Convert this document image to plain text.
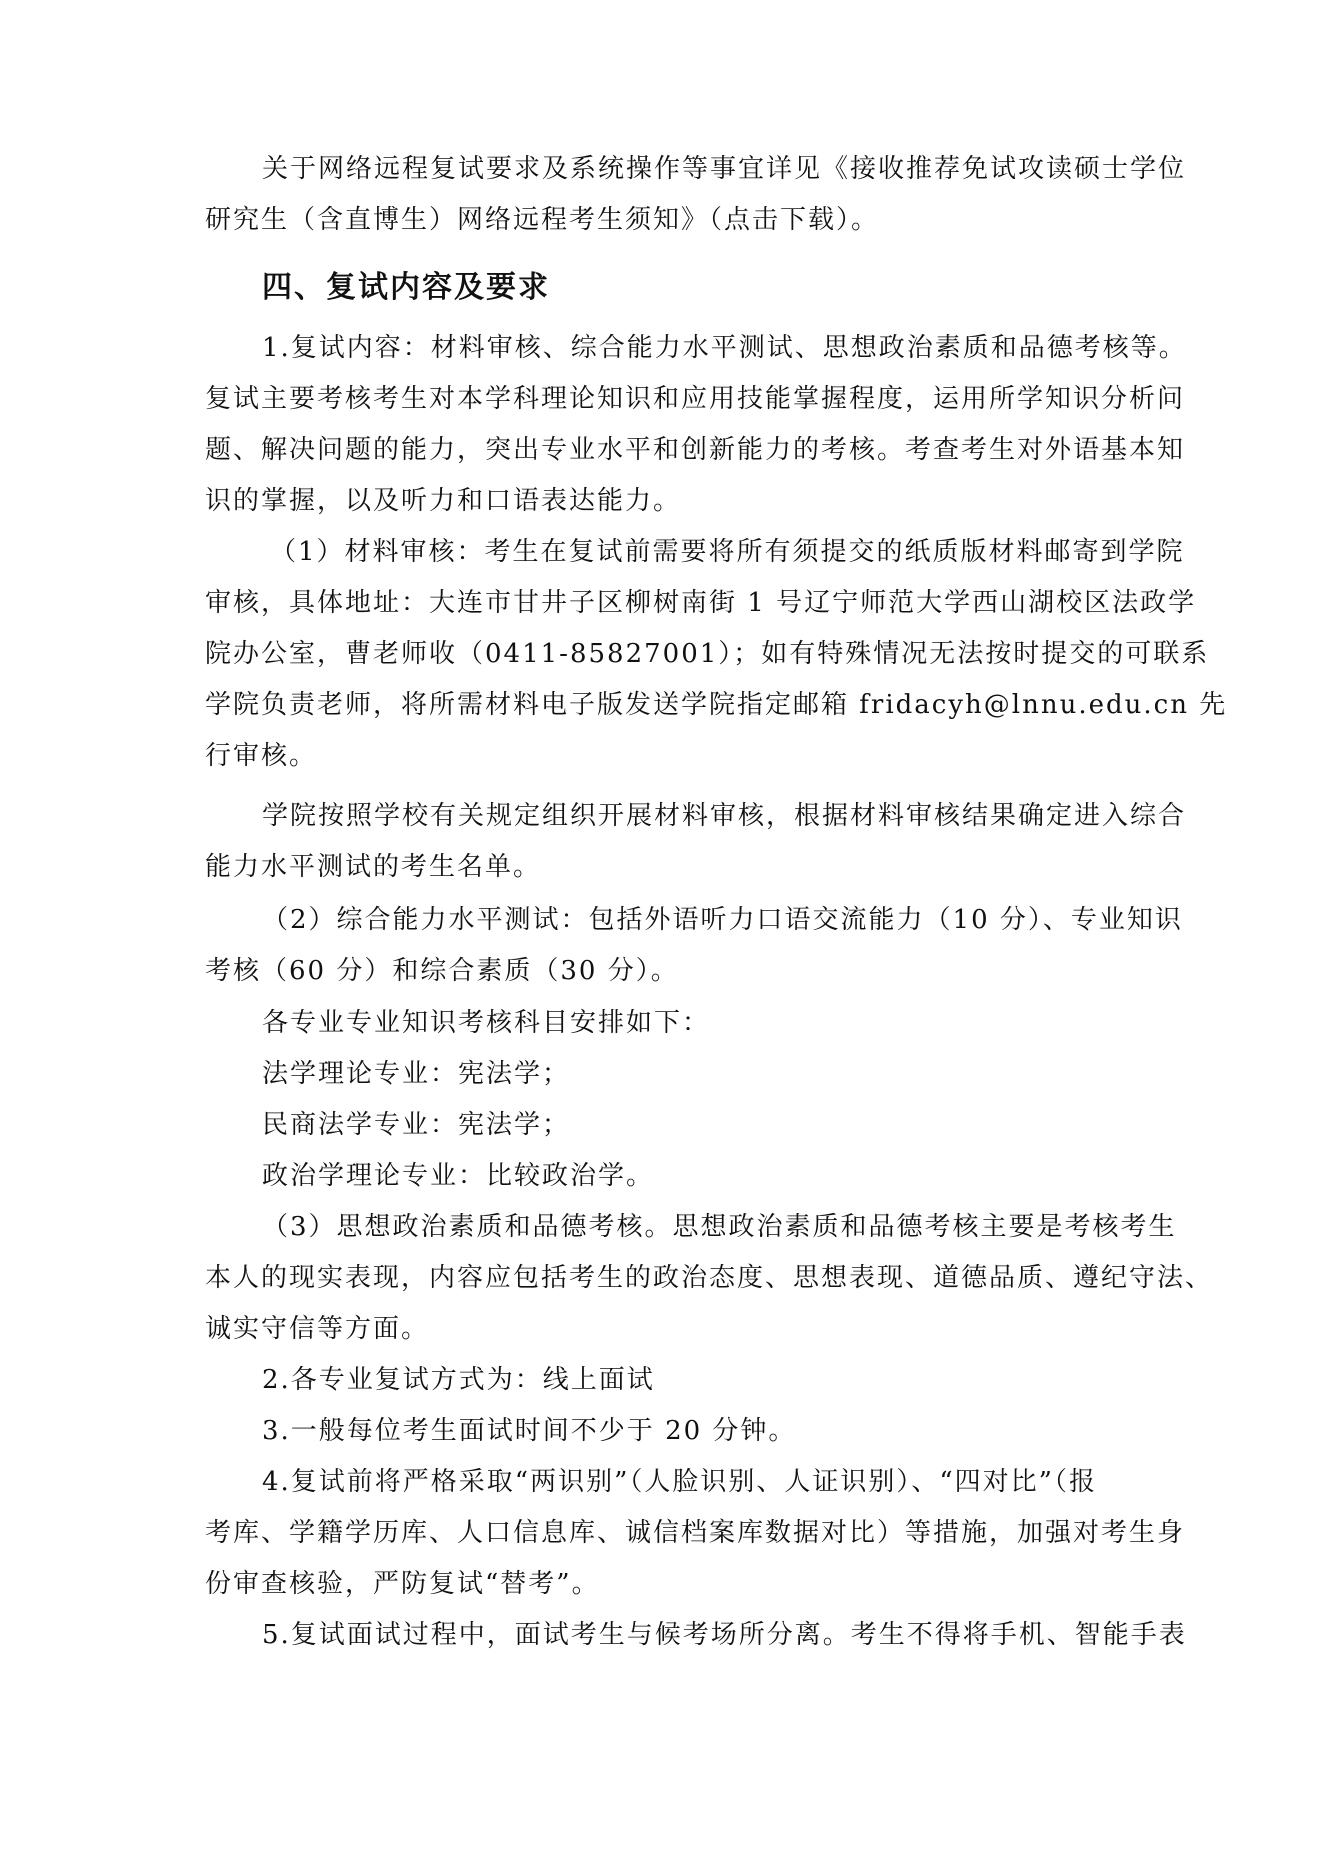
关于网络远程复试要求及系统操作等事宜详见《接收推荐免试攻读硕士学位
研究生（含直博生）网络远程考生须知》（点击下载）。
四、复试内容及要求
1.复试内容：材料审核、综合能力水平测试、思想政治素质和品德考核等。
复试主要考核考生对本学科理论知识和应用技能掌握程度，运用所学知识分析问
题、解决问题的能力，突出专业水平和创新能力的考核。考查考生对外语基本知
识的掌握，以及听力和口语表达能力。
（1）材料审核：考生在复试前需要将所有须提交的纸质版材料邮寄到学院
审核，具体地址：大连市甘井子区柳树南街 1 号辽宁师范大学西山湖校区法政学
院办公室，曹老师收（0411-85827001）；如有特殊情况无法按时提交的可联系
学院负责老师，将所需材料电子版发送学院指定邮箱 fridacyh@lnnu.edu.cn 先
行审核。
学院按照学校有关规定组织开展材料审核，根据材料审核结果确定进入综合
能力水平测试的考生名单。
（2）综合能力水平测试：包括外语听力口语交流能力（10 分）、专业知识
考核（60 分）和综合素质（30 分）。
各专业专业知识考核科目安排如下：
法学理论专业：宪法学；
民商法学专业：宪法学；
政治学理论专业：比较政治学。
（3）思想政治素质和品德考核。思想政治素质和品德考核主要是考核考生
本人的现实表现，内容应包括考生的政治态度、思想表现、道德品质、遵纪守法、
诚实守信等方面。
2.各专业复试方式为：线上面试
3.一般每位考生面试时间不少于 20 分钟。
4.复试前将严格采取“两识别”（人脸识别、人证识别）、“四对比”（报
考库、学籍学历库、人口信息库、诚信档案库数据对比）等措施，加强对考生身
份审查核验，严防复试“替考”。
5.复试面试过程中，面试考生与候考场所分离。考生不得将手机、智能手表
